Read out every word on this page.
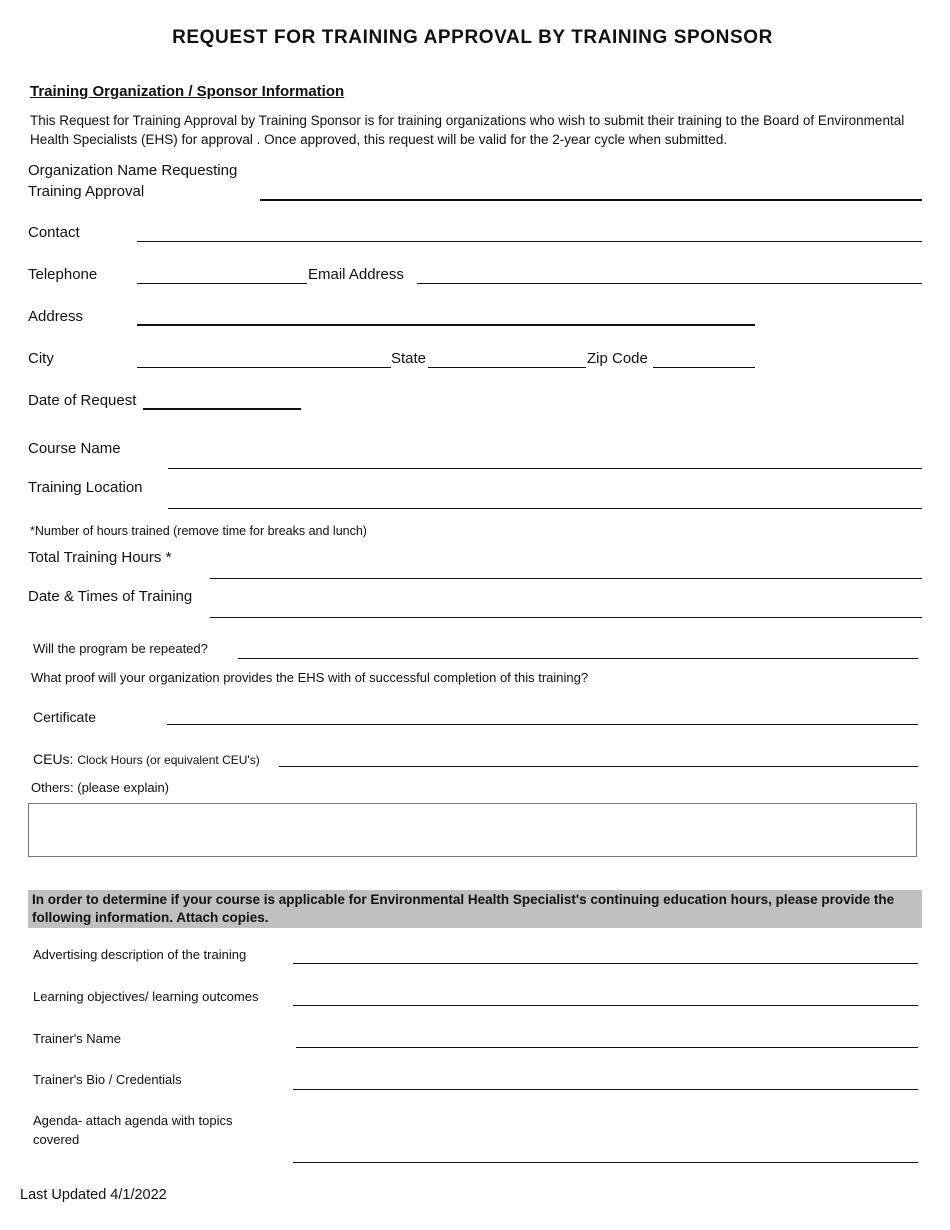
REQUEST FOR TRAINING APPROVAL BY TRAINING SPONSOR
Training Organization / Sponsor Information
This Request for Training Approval by Training Sponsor is for training organizations who wish to submit their training to the Board of Environmental Health Specialists (EHS) for approval . Once approved, this request will be valid for the 2-year cycle when submitted.
Organization Name Requesting
Training Approval
Contact
Telephone	Email Address
Address
City	State	Zip Code
Date of Request
Course Name
Training Location
*Number of hours trained (remove time for breaks and lunch)
Total Training Hours *
Date & Times of Training
Will the program be repeated?
What proof will your organization provides the EHS with of successful completion of this training?
Certificate
CEUs: Clock Hours (or equivalent CEU's)
Others: (please explain)
In order to determine if your course is applicable for Environmental Health Specialist's continuing education hours, please provide the following information. Attach copies.
Advertising description of the training
Learning objectives/ learning outcomes
Trainer's Name
Trainer's Bio / Credentials
Agenda- attach agenda with topics
covered
Last Updated 4/1/2022
